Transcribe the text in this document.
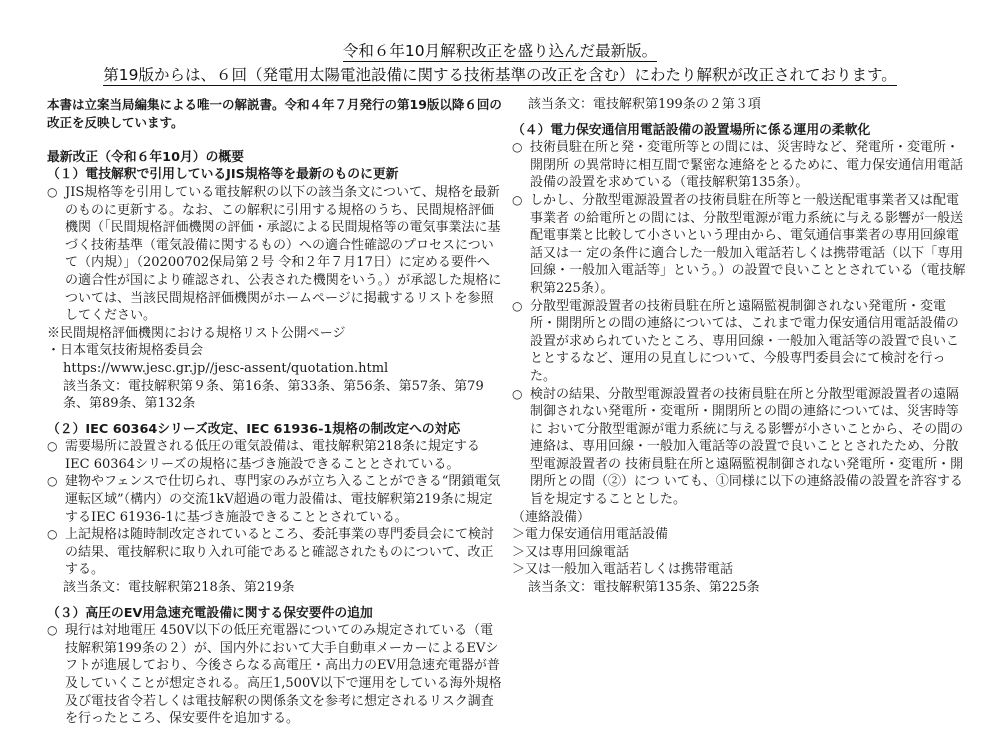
令和６年10月解釈改正を盛り込んだ最新版。
第19版からは、６回（発電用太陽電池設備に関する技術基準の改正を含む）にわたり解釈が改正されております。
本書は立案当局編集による唯一の解説書。令和４年７月発行の第19版以降６回の改正を反映しています。
最新改正（令和６年10月）の概要
（１）電技解釈で引用しているJIS規格等を最新のものに更新
○ JIS規格等を引用している電技解釈の以下の該当条文について、規格を最新のものに更新する。なお、この解釈に引用する規格のうち、民間規格評価機関（「民間規格評価機関の評価・承認による民間規格等の電気事業法に基づく技術基準（電気設備に関するもの）への適合性確認のプロセスについて（内規）」（20200702保局第２号 令和２年７月17日）に定める要件への適合性が国により確認され、公表された機関をいう。）が承認した規格については、当該民間規格評価機関がホームページに掲載するリストを参照してください。
※民間規格評価機関における規格リスト公開ページ
・日本電気技術規格委員会
https://www.jesc.gr.jp//jesc-assent/quotation.html
該当条文：電技解釈第９条、第16条、第33条、第56条、第57条、第79条、第89条、第132条
（２）IEC 60364シリーズ改定、IEC 61936-1規格の制改定への対応
○ 需要場所に設置される低圧の電気設備は、電技解釈第218条に規定するIEC 60364シリーズの規格に基づき施設できることとされている。
○ 建物やフェンスで仕切られ、専門家のみが立ち入ることができる“閉鎖電気運転区域”（構内）の交流1kV超過の電力設備は、電技解釈第219条に規定するIEC 61936-1に基づき施設できることとされている。
○ 上記規格は随時制改定されているところ、委託事業の専門委員会にて検討の結果、電技解釈に取り入れ可能であると確認されたものについて、改正する。
該当条文：電技解釈第218条、第219条
（３）高圧のEV用急速充電設備に関する保安要件の追加
○ 現行は対地電圧 450V以下の低圧充電器についてのみ規定されている（電技解釈第199条の２）が、国内外において大手自動車メーカーによるEVシフトが進展しており、今後さらなる高電圧・高出力のEV用急速充電器が普及していくことが想定される。高圧1,500V以下で運用をしている海外規格及び電技省令若しくは電技解釈の関係条文を参考に想定されるリスク調査を行ったところ、保安要件を追加する。
該当条文：電技解釈第199条の２第３項
（４）電力保安通信用電話設備の設置場所に係る運用の柔軟化
○ 技術員駐在所と発・変電所等との間には、災害時など、発電所・変電所・開閉所 の異常時に相互間で緊密な連絡をとるために、電力保安通信用電話設備の設置を求めている（電技解釈第135条）。
○ しかし、分散型電源設置者の技術員駐在所等と一般送配電事業者又は配電事業者 の給電所との間には、分散型電源が電力系統に与える影響が一般送配電事業と比較して小さいという理由から、電気通信事業者の専用回線電話又は一 定の条件に適合した一般加入電話若しくは携帯電話（以下「専用回線・一般加入電話等」という。）の設置で良いこととされている（電技解釈第225条）。
○ 分散型電源設置者の技術員駐在所と遠隔監視制御されない発電所・変電所・開閉所との間の連絡については、これまで電力保安通信用電話設備の設置が求められていたところ、専用回線・一般加入電話等の設置で良いこととするなど、運用の見直しについて、今般専門委員会にて検討を行った。
○ 検討の結果、分散型電源設置者の技術員駐在所と分散型電源設置者の遠隔制御されない発電所・変電所・開閉所との間の連絡については、災害時等に おいて分散型電源が電力系統に与える影響が小さいことから、その間の連絡は、専用回線・一般加入電話等の設置で良いこととされたため、分散型電源設置者の 技術員駐在所と遠隔監視制御されない発電所・変電所・開閉所との間（②）につ いても、①同様に以下の連絡設備の設置を許容する旨を規定することとした。
（連絡設備）
＞電力保安通信用電話設備
＞又は専用回線電話
＞又は一般加入電話若しくは携帯電話
該当条文：電技解釈第135条、第225条
